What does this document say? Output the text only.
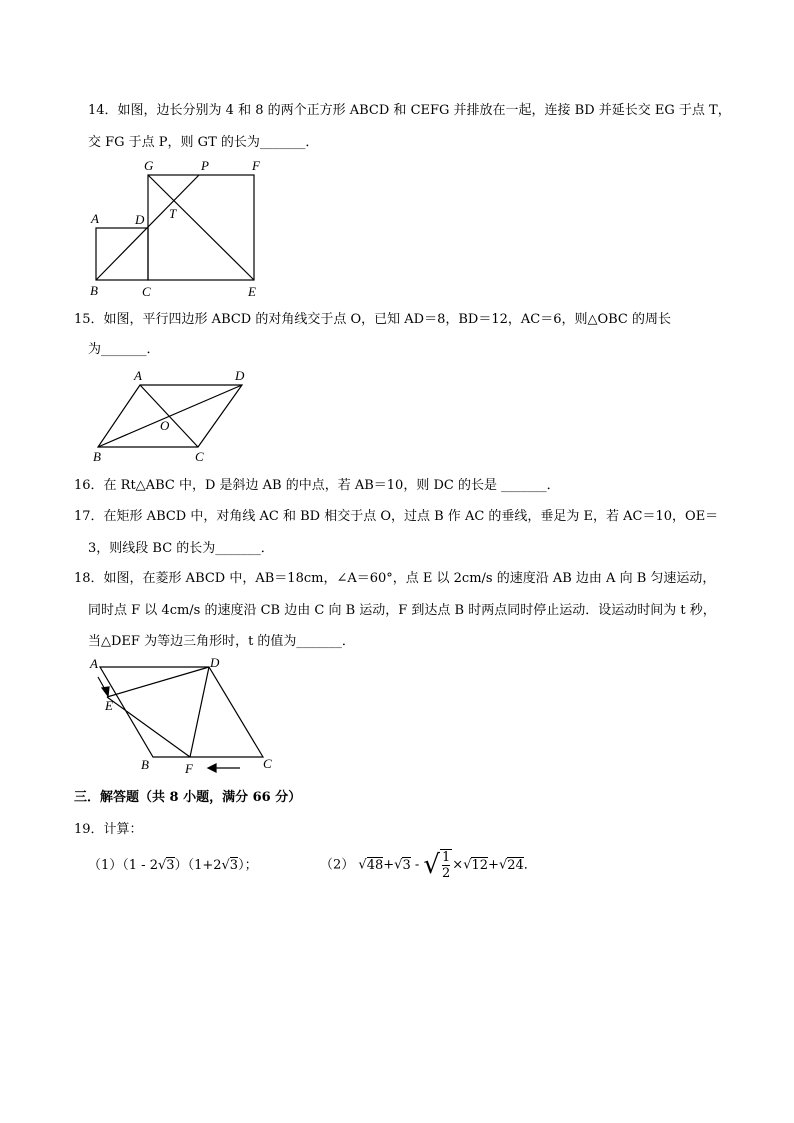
14．如图，边长分别为 4 和 8 的两个正方形 ABCD 和 CEFG 并排放在一起，连接 BD 并延长交 EG 于点 T，
交 FG 于点 P，则 GT 的长为_______．
G	P	F
A	D T
B	C	E
15．如图，平行四边形 ABCD 的对角线交于点 O，已知 AD＝8，BD＝12，AC＝6，则△OBC 的周长
为_______．
A	D
O
B	C
16．在 Rt△ABC 中，D 是斜边 AB 的中点，若 AB＝10，则 DC 的长是 _______．
17．在矩形 ABCD 中，对角线 AC 和 BD 相交于点 O，过点 B 作 AC 的垂线，垂足为 E，若 AC＝10，OE＝
3，则线段 BC 的长为_______．
18．如图，在菱形 ABCD 中，AB＝18cm，∠A＝60°，点 E 以 2cm/s 的速度沿 AB 边由 A 向 B 匀速运动，
同时点 F 以 4cm/s 的速度沿 CB 边由 C 向 B 运动，F 到达点 B 时两点同时停止运动．设运动时间为 t 秒，
当△DEF 为等边三角形时，t 的值为_______．
A	D
E
B	F	C
三．解答题（共 8 小题，满分 66 分）
19．计算：
（1）（1 - 2√3）（1+2√3）；	（2） √48+√3 - √ $\frac{1}{2} \times√12+√24$．
